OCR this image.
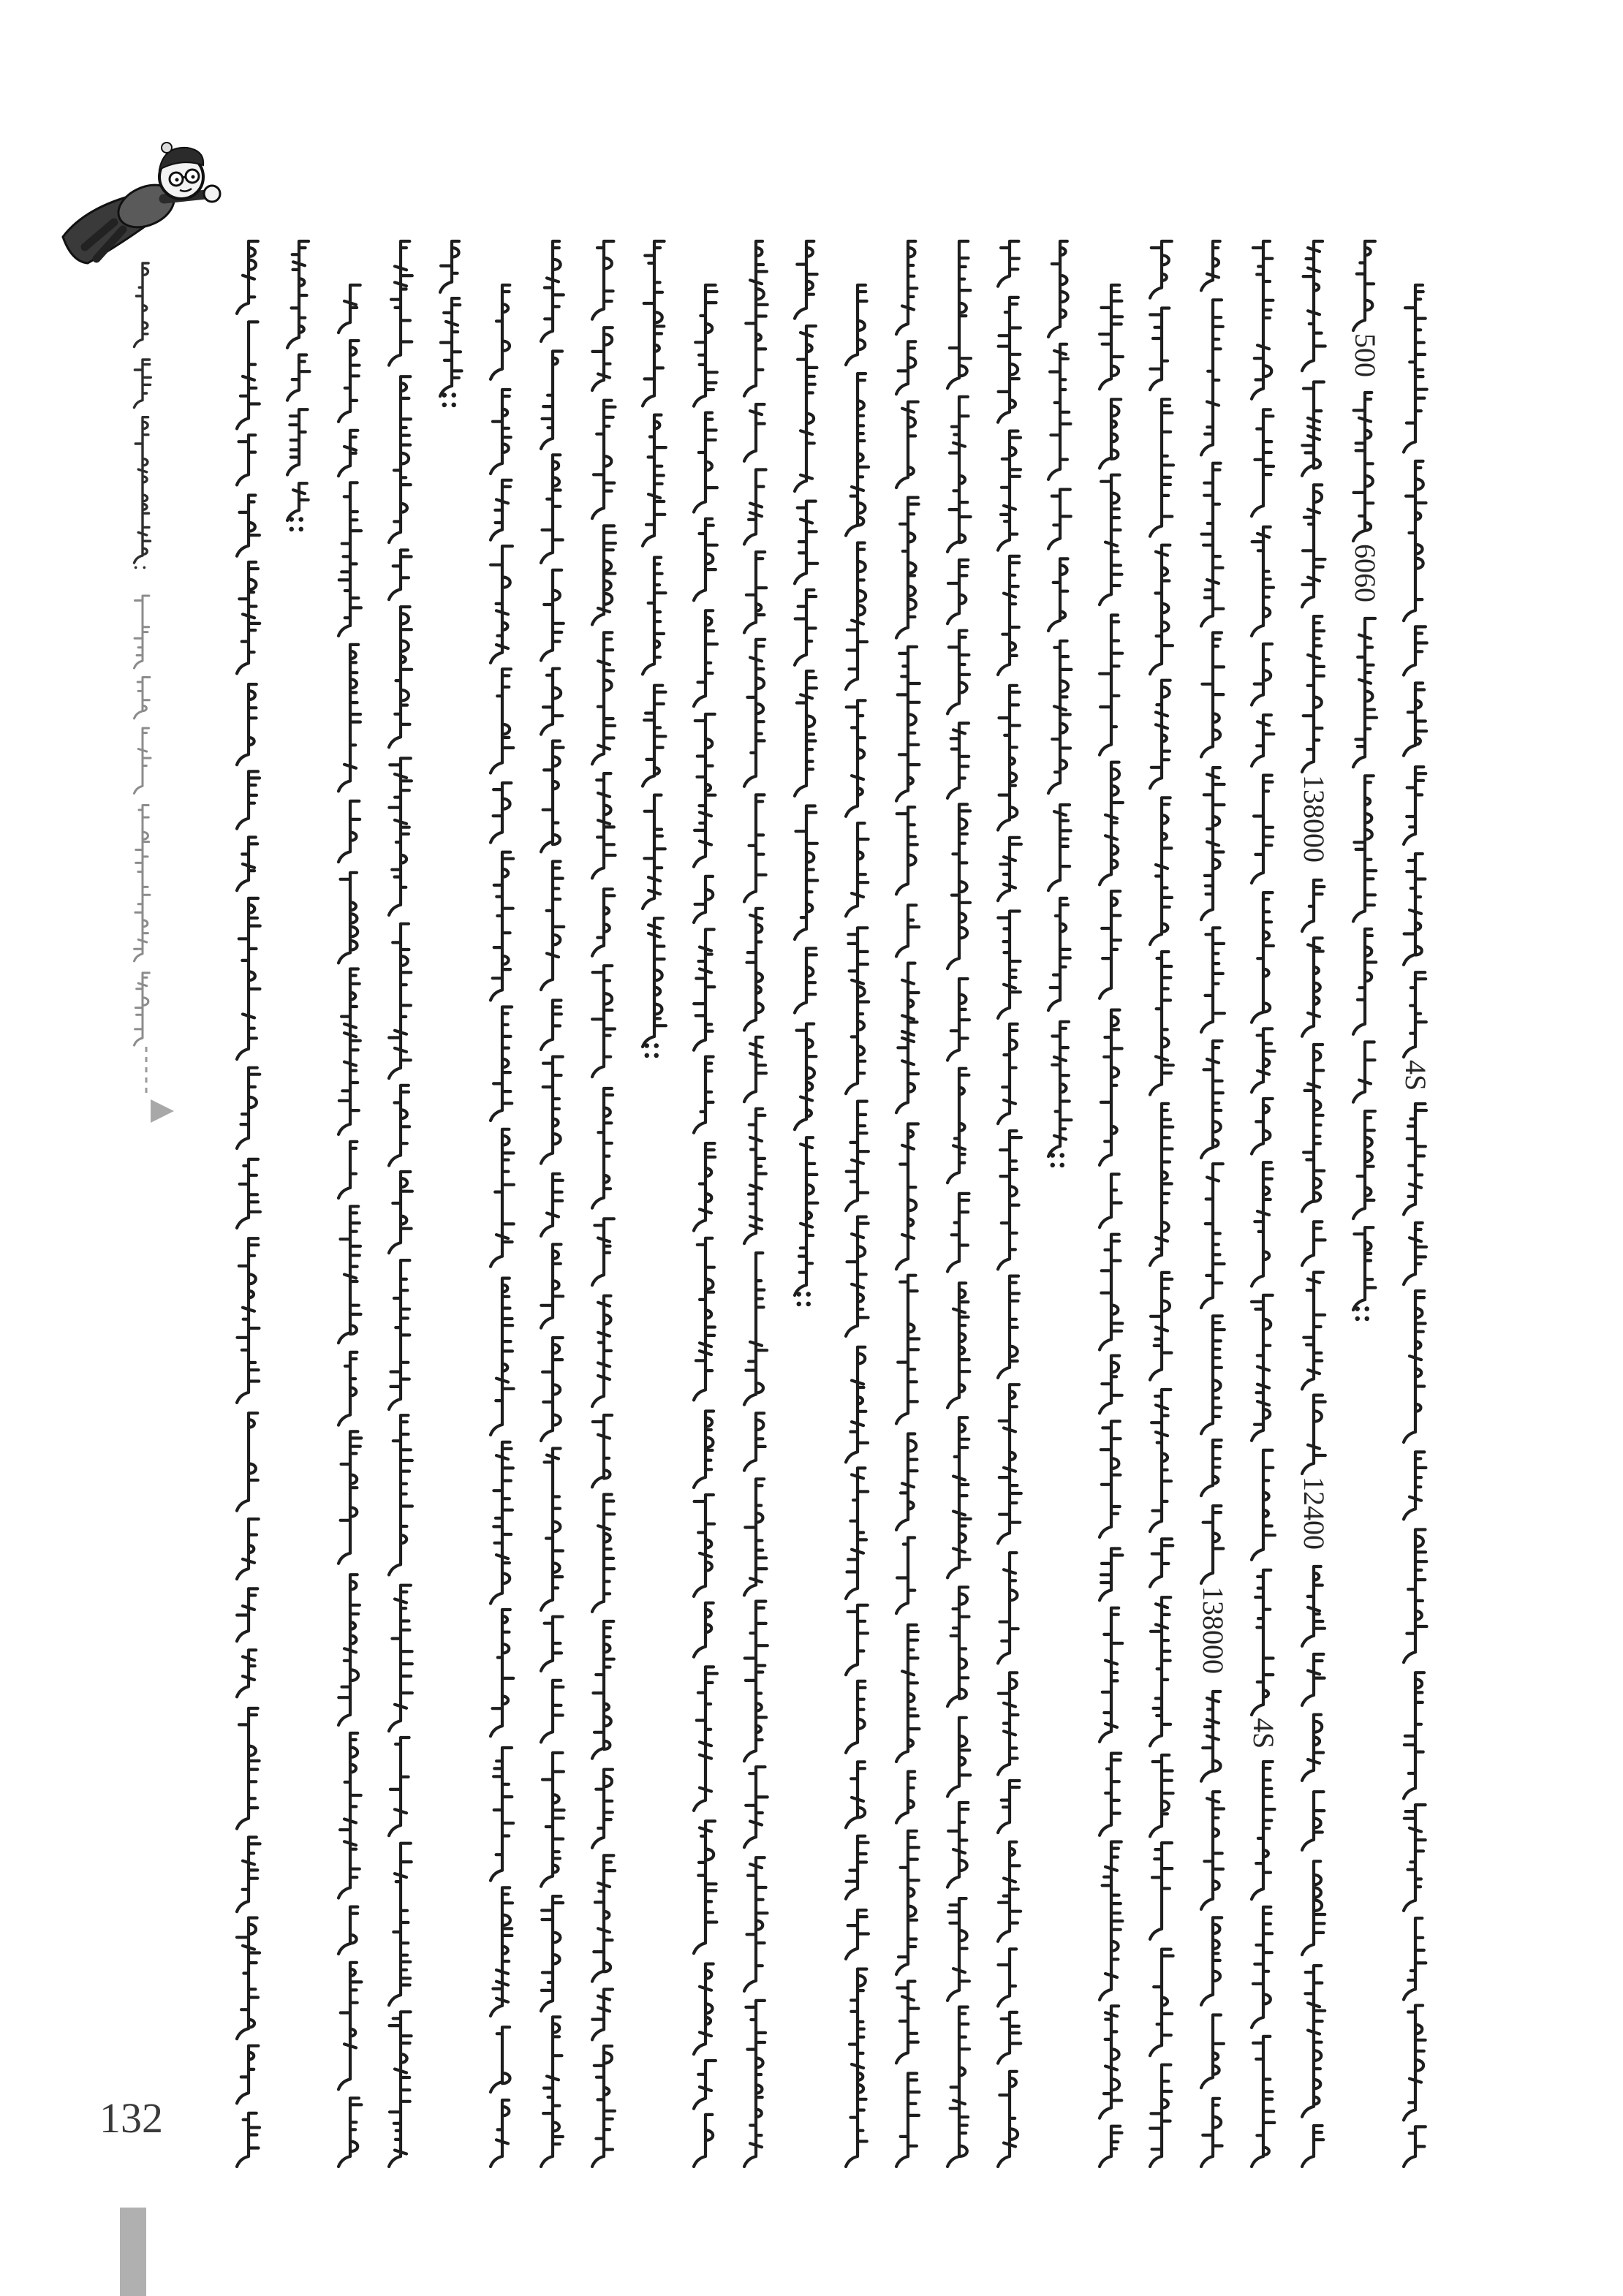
::
::
::
::
::
138000
4S
138000
12400
500
6060
::
4S
:
132
